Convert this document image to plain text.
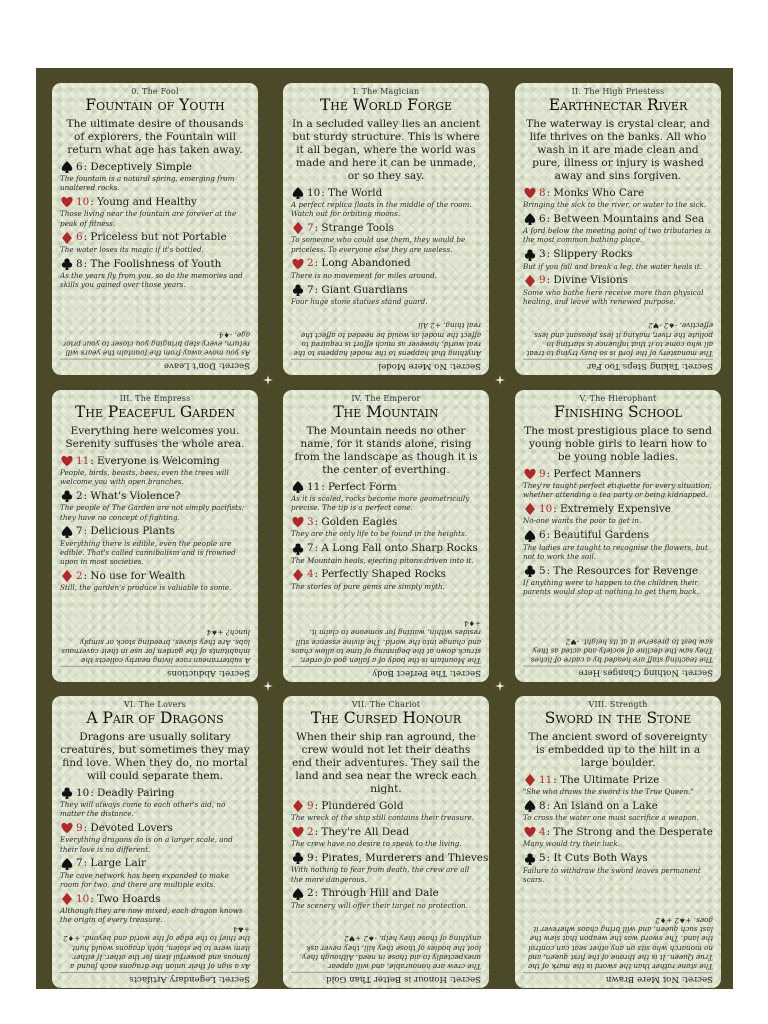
0. The Fool
Fountain of Youth
The ultimate desire of thousands of explorers, the Fountain will return what age has taken away.
6 : Deceptively Simple
The fountain is a natural spring, emerging from unaltered rocks.
10 : Young and Healthy
Those living near the fountain are forever at the peak of fitness.
6 : Priceless but not Portable
The water loses its magic if it's bottled.
8 : The Foolishness of Youth
As the years fly from you, so do the memories and skills you gained over those years.
Secret: Don't Leave
As you move away from the fountain the years will return, every step bringing you closer to your prior age. -♦4
I. The Magician
The World Forge
In a secluded valley lies an ancient but sturdy structure. This is where it all began, where the world was made and here it can be unmade, or so they say.
10 : The World
A perfect replica floats in the middle of the room. Watch out for orbiting moons.
7 : Strange Tools
To someone who could use them, they would be priceless. To everyone else they are useless.
2 : Long Abandoned
There is no movement for miles around.
7 : Giant Guardians
Four huge stone statues stand guard.
Secret: No Mere Model
Anything that happens to the model happens to the real world, however as much effort is required to affect the model as would be needed to affect the real thing. +2 All
II. The High Priestess
Earthnectar River
The waterway is crystal clear, and life thrives on the banks. All who wash in it are made clean and pure, illness or injury is washed away and sins forgiven.
8 : Monks Who Care
Bringing the sick to the river, or water to the sick.
6 : Between Mountains and Sea
A ford below the meeting point of two tributaries is the most common bathing place.
3 : Slippery Rocks
But if you fall and break a leg, the water heals it.
9 : Divine Visions
Some who bathe here receive more than physical healing, and leave with renewed purpose.
Secret: Taking Steps Too Far
The monastery of the ford is so busy trying to treat all who come to it that influence is starting to pollute the river, making it less pleasant and less effective. -♠2 -♥2
III. The Empress
The Peaceful Garden
Everything here welcomes you. Serenity suffuses the whole area.
11 : Everyone is Welcoming
People, birds, beasts, bees, even the trees will welcome you with open branches.
2 : What's Violence?
The people of The Garden are not simply pacifists; they have no concept of fighting.
7 : Delicious Plants
Everything there is edible, even the people are edible. That's called cannibalism and is frowned upon in most societies.
2 : No use for Wealth
Still, the garden's produce is valuable to some.
Secret: Abductions
A subterranean race living nearby collects the inhabitants of the garden for use in their cavernous labs. Are they slaves, breeding stock or simply lunch? +♠4
IV. The Emperor
The Mountain
The Mountain needs no other name, for it stands alone, rising from the landscape as though it is the center of everthing.
11 : Perfect Form
As it is scaled, rocks become more geometrically precise. The tip is a perfect cone.
3 : Golden Eagles
They are the only life to be found in the heights.
7 : A Long Fall onto Sharp Rocks
The Mountain heals, ejecting pitons driven into it.
4 : Perfectly Shaped Rocks
The stories of pure gems are simply myth.
Secret: The Perfect Body
The Mountain is the body of a fallen god of order, struck down at the beginning of time to allow chaos and change into the world. The divine essence still resides within, waiting for someone to claim it. +♦4
V. The Hierophant
Finishing School
The most prestigious place to send young noble girls to learn how to be young noble ladies.
9 : Perfect Manners
They're taught perfect etiquette for every situation, whether attending a tea party or being kidnapped.
10 : Extremely Expensive
No-one wants the poor to get in.
6 : Beautiful Gardens
The ladies are taught to recognise the flowers, but not to work the soil.
5 : The Resources for Revenge
If anything were to happen to the children their parents would stop at nothing to get them back.
Secret: Nothing Changes Here
The teaching staff are headed by a cadre of liches. They saw the decline of society and acted as they saw best to preserve it at its height. -♥2
VI. The Lovers
A Pair of Dragons
Dragons are usually solitary creatures, but sometimes they may find love. When they do, no mortal will could separate them.
10 : Deadly Pairing
They will always come to each other's aid, no matter the distance.
9 : Devoted Lovers
Everything dragons do is on a larger scale, and their love is no different.
7 : Large Lair
The cave network has been expanded to make room for two, and there are multiple exits.
10 : Two Hoards
Although they are now mixed, each dragon knows the origin of every treasure.
Secret: Legendary Artifacts
As a sign of their union the dragons each found a famous and powerful item for the other. If either item were to be stolen, both dragons would hunt the thief to the edge of the world and beyond. +♦2 +♣4
VII. The Chariot
The Cursed Honour
When their ship ran aground, the crew would not let their deaths end their adventures. They sail the land and sea near the wreck each night.
9 : Plundered Gold
The wreck of the ship still contains their treasure.
2 : They're All Dead
The crew have no desire to speak to the living.
9 : Pirates, Murderers and Thieves
With nothing to fear from death, the crew are all the more dangerous.
2 : Through Hill and Dale
The scenery will offer their target no protection.
Secret: Honour is Better Than Gold
The crew are honourable, and will appear unexpectedly to aid those in need. Although they loot the bodies of those they kill, they never ask anything of those they help. -♠2 +♥2
VIII. Strength
Sword in the Stone
The ancient sword of sovereignty is embedded up to the hilt in a large boulder.
11 : The Ultimate Prize
"She who draws the sword is the True Queen."
8 : An Island on a Lake
To cross the water one must sacrifice a weapon.
4 : The Strong and the Desperate
Many would try their luck.
5 : It Cuts Both Ways
Failure to withdraw the sword leaves permanent scars.
Secret: Not Mere Brawn
The stone rather than the sword is the mark of the True Queen. It is the throne of the first queen, and no monarch who sits on any other seat can control the land. The sword was the weapon that slew the last such queen, and will bring chaos wherever it goes. +♠2 +♦2
